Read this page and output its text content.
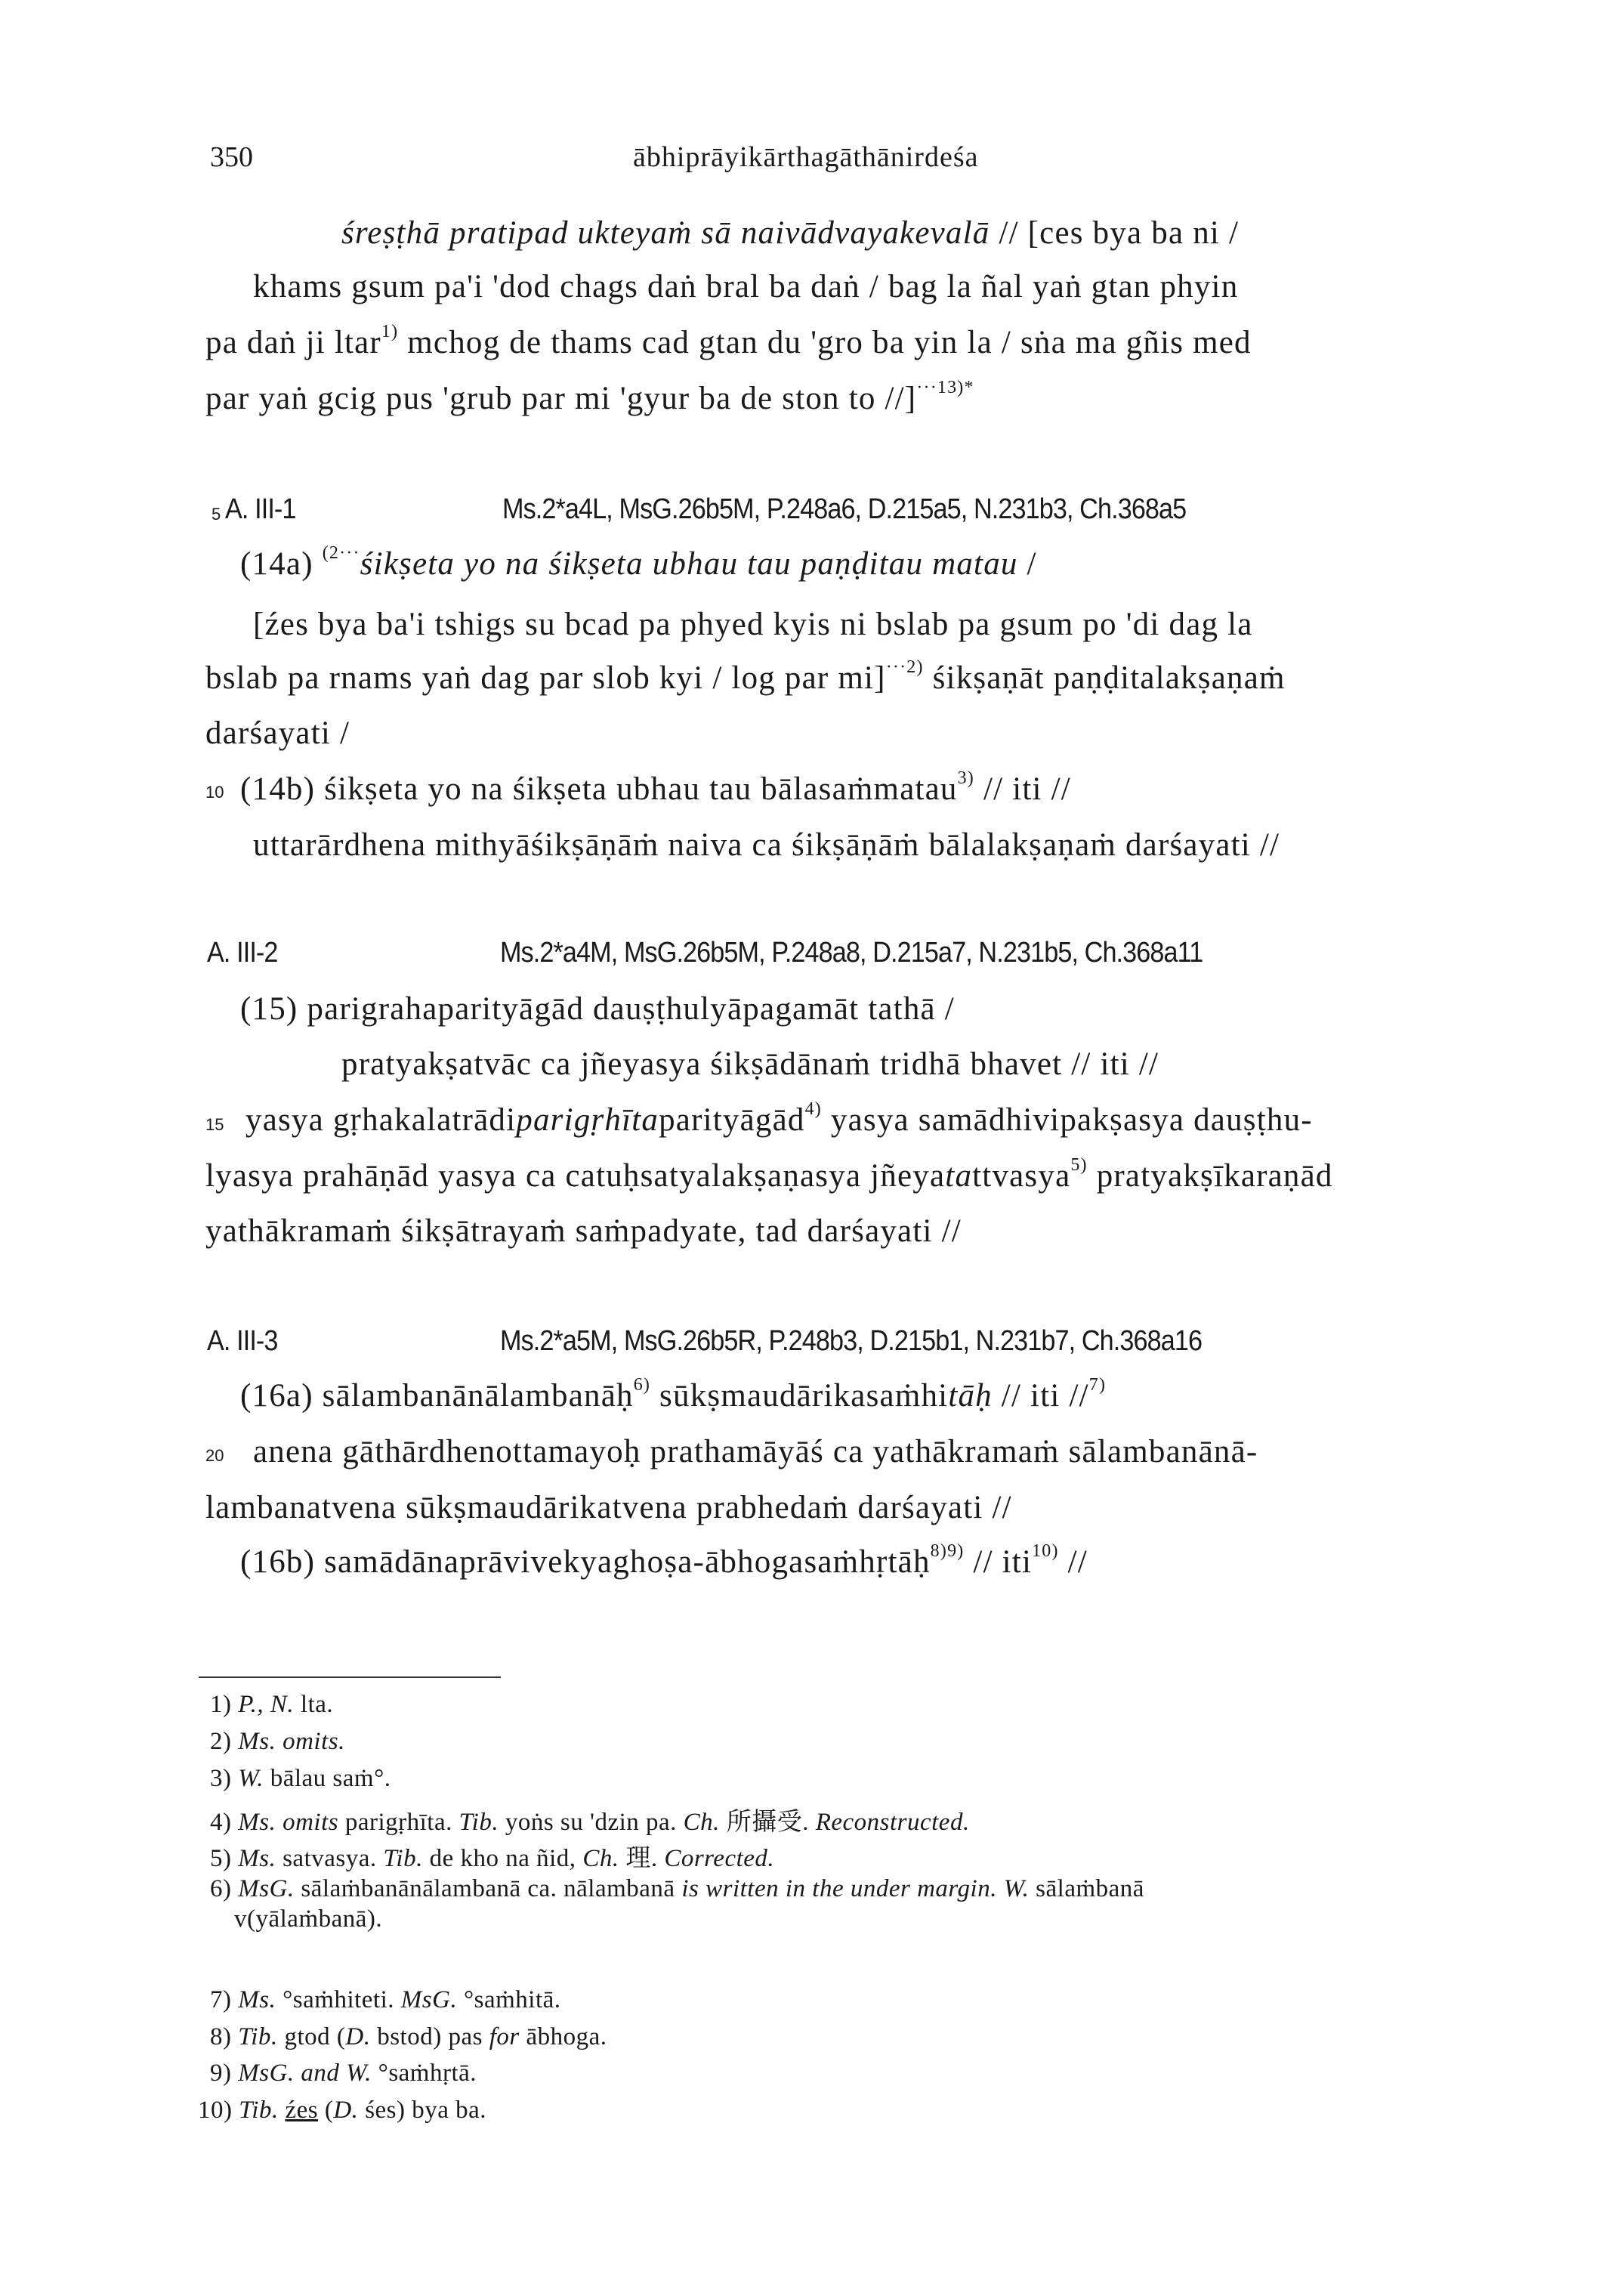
350	ābhiprāyikārthagāthānirdeśa
śreṣṭhā pratipad ukteyaṁ sā naivādvayakevalā // [ces bya ba ni /
khams gsum pa'i 'dod chags daṅ bral ba daṅ / bag la ñal yaṅ gtan phyin
pa daṅ ji ltar$^{1)}$ mchog de thams cad gtan du 'gro ba yin la / sṅa ma gñis med
par yaṅ gcig pus 'grub par mi 'gyur ba de ston to //]$^{\cdot\cdot\cdot 13)*}$
5
10
15
20
A. III-1	Ms.2*a4L, MsG.26b5M, P.248a6, D.215a5, N.231b3, Ch.368a5
(14a) $^{(2\cdot\cdot\cdot}$śikṣeta yo na śikṣeta ubhau tau paṇḍitau matau /
[źes bya ba'i tshigs su bcad pa phyed kyis ni bslab pa gsum po 'di dag la
bslab pa rnams yaṅ dag par slob kyi / log par mi]$^{\cdot\cdot\cdot 2)}$ śikṣaṇāt paṇḍitalakṣaṇaṁ
darśayati /
(14b) śikṣeta yo na śikṣeta ubhau tau bālasaṁmatau$^{3)}$ // iti //
uttarārdhena mithyāśikṣāṇāṁ naiva ca śikṣāṇāṁ bālalakṣaṇaṁ darśayati //
A. III-2	Ms.2*a4M, MsG.26b5M, P.248a8, D.215a7, N.231b5, Ch.368a11
(15) parigrahaparityāgād dauṣṭhulyāpagamāt tathā /
pratyakṣatvāc ca jñeyasya śikṣādānaṁ tridhā bhavet // iti //
yasya gṛhakalatrādiparigṛhītaparityāgād$^{4)}$ yasya samādhivipakṣasya dauṣṭhu-
lyasya prahāṇād yasya ca catuḥsatyalakṣaṇasya jñeyatattvasya$^{5)}$ pratyakṣīkaraṇād
yathākramaṁ śikṣātrayaṁ saṁpadyate, tad darśayati //
A. III-3	Ms.2*a5M, MsG.26b5R, P.248b3, D.215b1, N.231b7, Ch.368a16
(16a) sālambanānālambanāḥ$^{6)}$ sūkṣmaudārikasaṁhitāḥ // iti //$^{7)}$
anena gāthārdhenottamayoḥ prathamāyāś ca yathākramaṁ sālambanānā-
lambanatvena sūkṣmaudārikatvena prabhedaṁ darśayati //
(16b) samādānaprāvivekyaghoṣa-ābhogasaṁhṛtāḥ$^{8)9)}$ // iti$^{10)}$ //
1) P., N. lta.
2) Ms. omits.
3) W. bālau saṁ°.
4) Ms. omits parigṛhīta. Tib. yoṅs su 'dzin pa. Ch. 所攝受. Reconstructed.
5) Ms. satvasya. Tib. de kho na ñid, Ch. 理. Corrected.
6) MsG. sālaṁbanānālambanā ca. nālambanā is written in the under margin. W. sālaṁbanā
v(yālaṁbanā).
7) Ms. °saṁhiteti. MsG. °saṁhitā.
8) Tib. gtod (D. bstod) pas for ābhoga.
9) MsG. and W. °saṁhṛtā.
10) Tib. źes (D. śes) bya ba.
